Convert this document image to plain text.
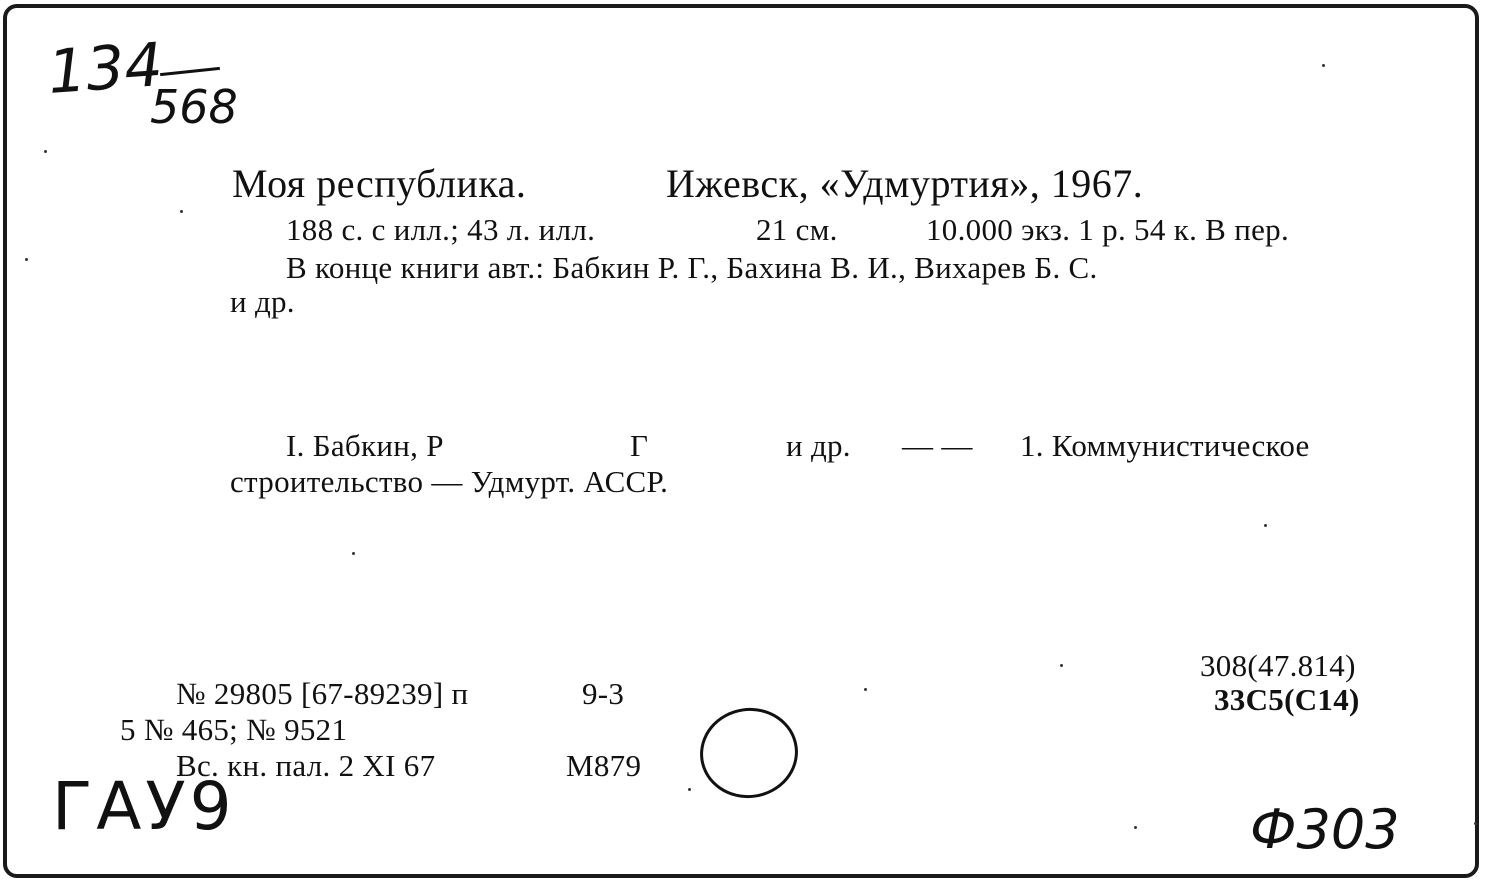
134
568
Моя республика.	Ижевск, «Удмуртия», 1967.
188 с. с илл.; 43 л. илл.	21 см.	10.000 экз. 1 р. 54 к. В пер.
В конце книги авт.: Бабкин Р. Г., Бахина В. И., Вихарев Б. С.
и др.
I. Бабкин, Р	Г	и др. — — 1. Коммунистическое
строительство — Удмурт. АССР.
308(47.814)
33С5(С14)
№ 29805 [67-89239] п	9-3
5 № 465; № 9521
Вс. кн. пал. 2 XI 67	М879
ГАУ9	Ф303
